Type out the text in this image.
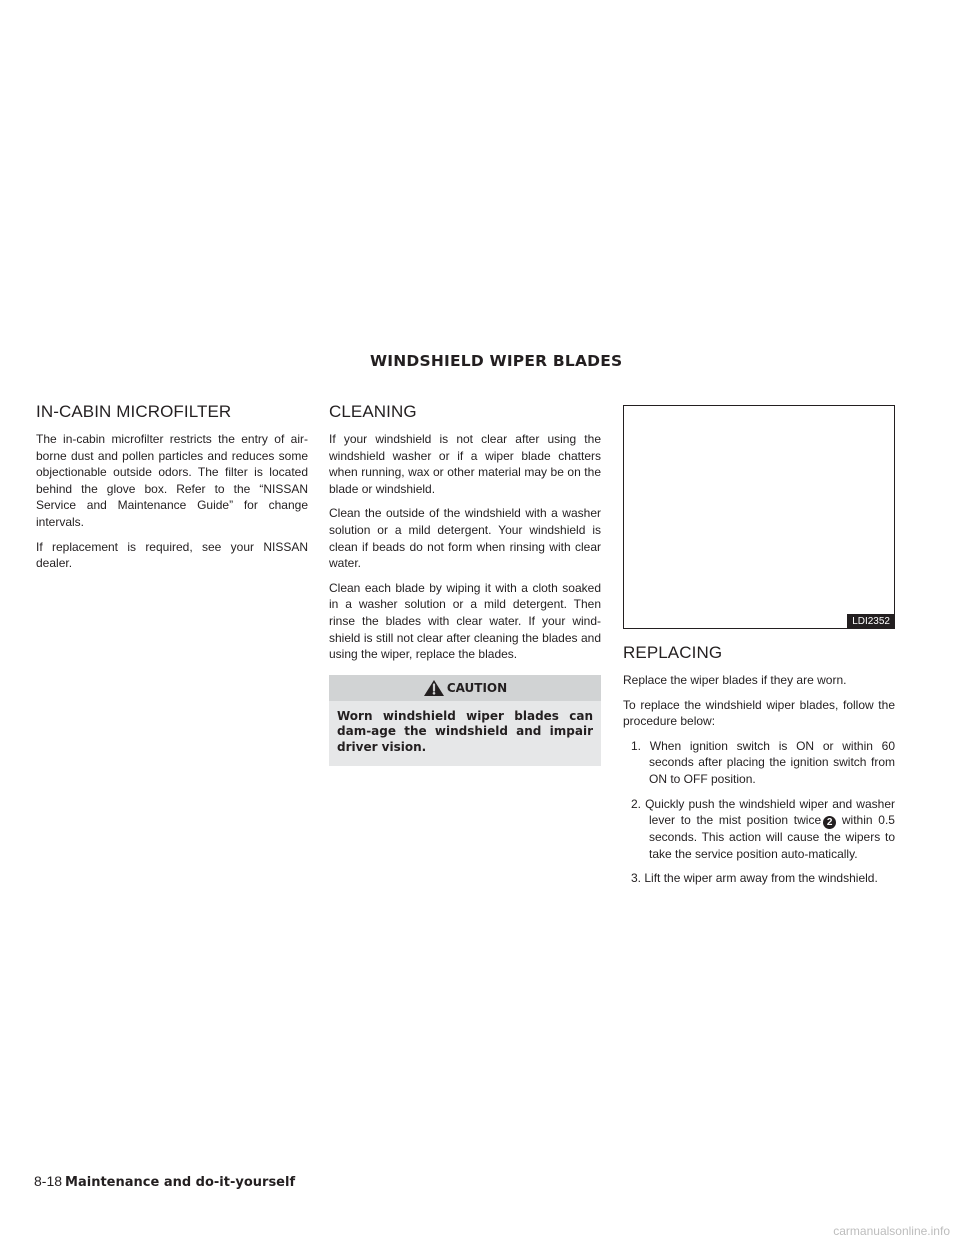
WINDSHIELD WIPER BLADES
IN-CABIN MICROFILTER

The in-cabin microfilter restricts the entry of air-borne dust and pollen particles and reduces some objectionable outside odors. The filter is located behind the glove box. Refer to the “NISSAN Service and Maintenance Guide” for change intervals.

If replacement is required, see your NISSAN dealer.

CLEANING

If your windshield is not clear after using the windshield washer or if a wiper blade chatters when running, wax or other material may be on the blade or windshield.

Clean the outside of the windshield with a washer solution or a mild detergent. Your windshield is clean if beads do not form when rinsing with clear water.

Clean each blade by wiping it with a cloth soaked in a washer solution or a mild detergent. Then rinse the blades with clear water. If your wind-shield is still not clear after cleaning the blades and using the wiper, replace the blades.

CAUTION
Worn windshield wiper blades can dam-age the windshield and impair driver vision.
LDI2352
REPLACING

Replace the wiper blades if they are worn.

To replace the windshield wiper blades, follow the procedure below:

1. When ignition switch is ON or within 60 seconds after placing the ignition switch from ON to OFF position.
2. Quickly push the windshield wiper and washer lever to the mist position twice 2 within 0.5 seconds. This action will cause the wipers to take the service position auto-matically.
3. Lift the wiper arm away from the windshield.
8-18 Maintenance and do-it-yourself
carmanualsonline.info
